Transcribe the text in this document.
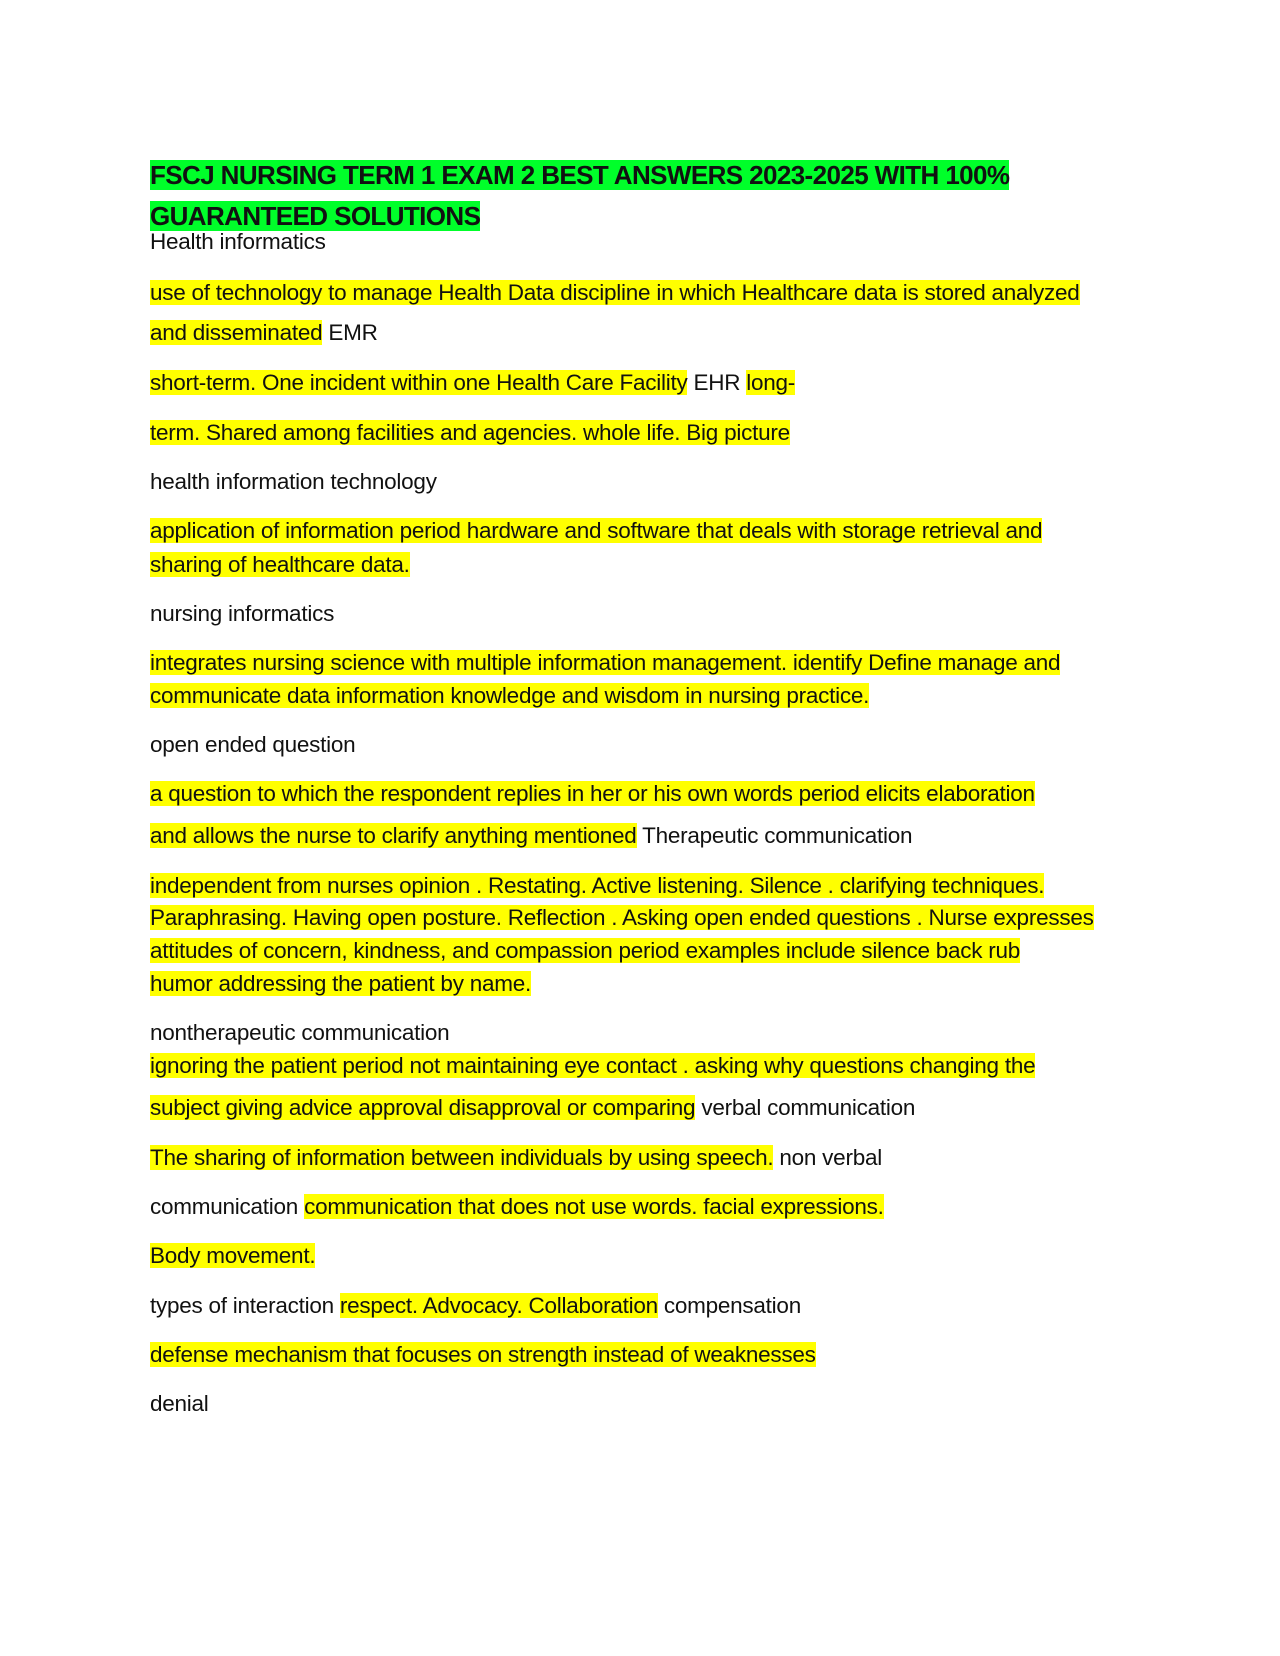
FSCJ NURSING TERM 1 EXAM 2 BEST ANSWERS 2023-2025 WITH 100%
GUARANTEED SOLUTIONS
Health informatics
use of technology to manage Health Data discipline in which Healthcare data is stored analyzed
and disseminated EMR
short-term. One incident within one Health Care Facility EHR long-
term. Shared among facilities and agencies. whole life. Big picture
health information technology
application of information period hardware and software that deals with storage retrieval and
sharing of healthcare data.
nursing informatics
integrates nursing science with multiple information management. identify Define manage and
communicate data information knowledge and wisdom in nursing practice.
open ended question
a question to which the respondent replies in her or his own words period elicits elaboration
and allows the nurse to clarify anything mentioned Therapeutic communication
independent from nurses opinion . Restating. Active listening. Silence . clarifying techniques.
Paraphrasing. Having open posture. Reflection . Asking open ended questions . Nurse expresses
attitudes of concern, kindness, and compassion period examples include silence back rub
humor addressing the patient by name.
nontherapeutic communication
ignoring the patient period not maintaining eye contact . asking why questions changing the
subject giving advice approval disapproval or comparing verbal communication
The sharing of information between individuals by using speech. non verbal
communication communication that does not use words. facial expressions.
Body movement.
types of interaction respect. Advocacy. Collaboration compensation
defense mechanism that focuses on strength instead of weaknesses
denial
